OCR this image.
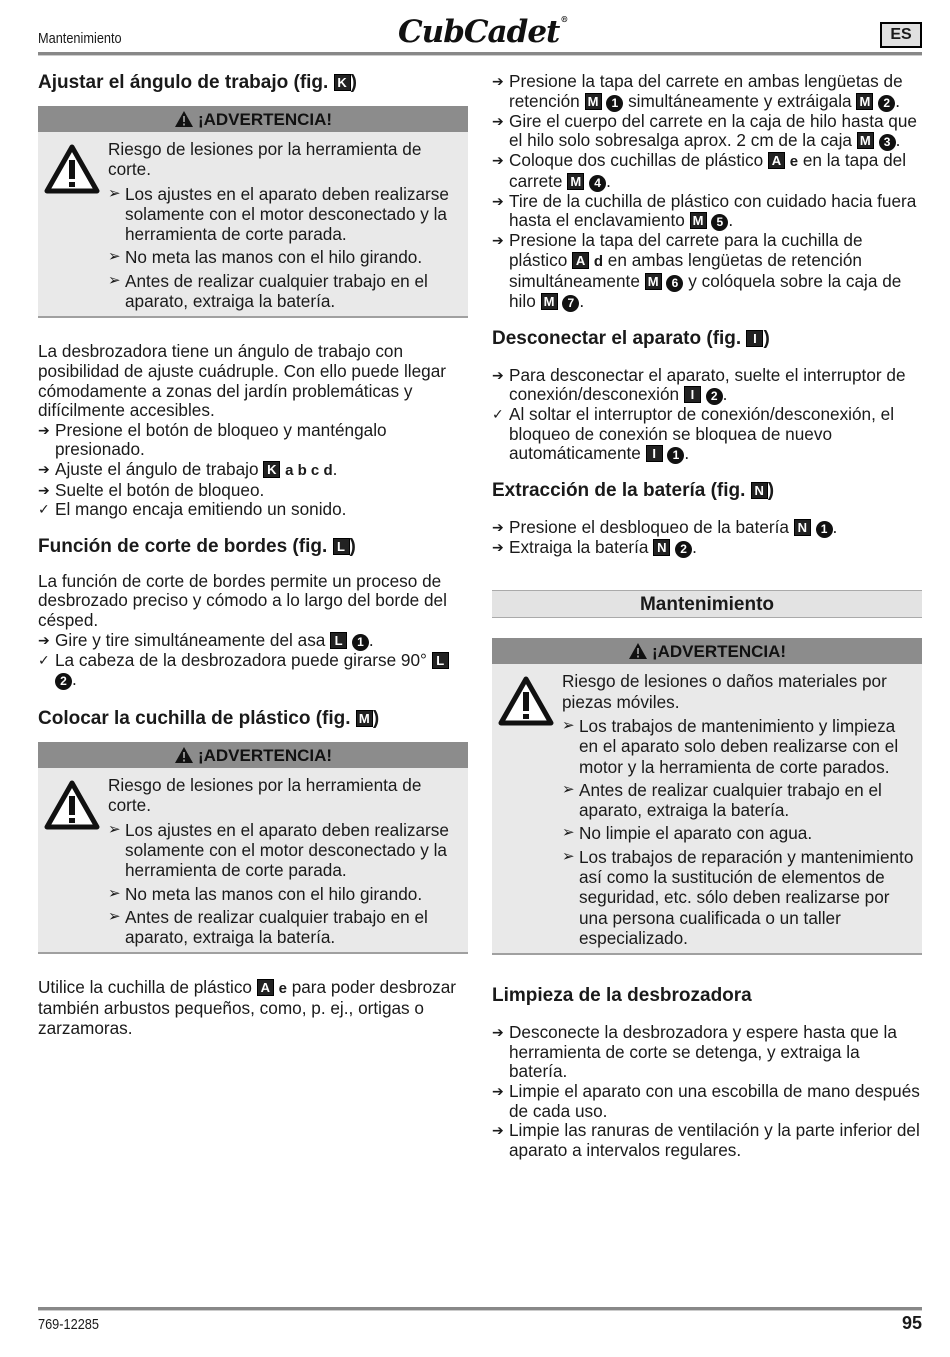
Mantenimiento	CubCadet®
ES
Ajustar el ángulo de trabajo (fig. K )
¡ADVERTENCIA!
Riesgo de lesiones por la herramienta de corte.
➢ Los ajustes en el aparato deben realizarse solamente con el motor desconectado y la herramienta de corte parada.
➢ No meta las manos con el hilo girando.
➢ Antes de realizar cualquier trabajo en el aparato, extraiga la batería.

La desbrozadora tiene un ángulo de trabajo con posibilidad de ajuste cuádruple. Con ello puede llegar cómodamente a zonas del jardín problemáticas y difícilmente accesibles.

➔ Presione el botón de bloqueo y manténgalo presionado.
➔ Ajuste el ángulo de trabajo K a b c d.
➔ Suelte el botón de bloqueo.
✓ El mango encaja emitiendo un sonido.
Función de corte de bordes (fig. L )

La función de corte de bordes permite un proceso de desbrozado preciso y cómodo a lo largo del borde del césped.

➔ Gire y tire simultáneamente del asa L 1 .
✓ La cabeza de la desbrozadora puede girarse 90° L 2 .
Colocar la cuchilla de plástico (fig. M )
¡ADVERTENCIA!
Riesgo de lesiones por la herramienta de corte.
➢ Los ajustes en el aparato deben realizarse solamente con el motor desconectado y la herramienta de corte parada.
➢ No meta las manos con el hilo girando.
➢ Antes de realizar cualquier trabajo en el aparato, extraiga la batería.

Utilice la cuchilla de plástico A e para poder desbrozar también arbustos pequeños, como, p. ej., ortigas o zarzamoras.

➔ Presione la tapa del carrete en ambas lengüetas de retención M 1 simultáneamente y extráigala M 2 .
➔ Gire el cuerpo del carrete en la caja de hilo hasta que el hilo solo sobresalga aprox. 2 cm de la caja M 3 .
➔ Coloque dos cuchillas de plástico A e en la tapa del carrete M 4 .
➔ Tire de la cuchilla de plástico con cuidado hacia fuera hasta el enclavamiento M 5 .
➔ Presione la tapa del carrete para la cuchilla de plástico A d en ambas lengüetas de retención simultáneamente M 6 y colóquela sobre la caja de hilo M 7 .
Desconectar el aparato (fig. I )
➔ Para desconectar el aparato, suelte el interruptor de conexión/desconexión I 2 .
✓ Al soltar el interruptor de conexión/desconexión, el bloqueo de conexión se bloquea de nuevo automáticamente I 1 .
Extracción de la batería (fig. N )
➔ Presione el desbloqueo de la batería N 1 .
➔ Extraiga la batería N 2 .
Mantenimiento
¡ADVERTENCIA!
Riesgo de lesiones o daños materiales por piezas móviles.
➢ Los trabajos de mantenimiento y limpieza en el aparato solo deben realizarse con el motor y la herramienta de corte parados.
➢ Antes de realizar cualquier trabajo en el aparato, extraiga la batería.
➢ No limpie el aparato con agua.
➢ Los trabajos de reparación y mantenimiento así como la sustitución de elementos de seguridad, etc. sólo deben realizarse por una persona cualificada o un taller especializado.
Limpieza de la desbrozadora
➔ Desconecte la desbrozadora y espere hasta que la herramienta de corte se detenga, y extraiga la batería.
➔ Limpie el aparato con una escobilla de mano después de cada uso.
➔ Limpie las ranuras de ventilación y la parte inferior del aparato a intervalos regulares.
769-12285	95
